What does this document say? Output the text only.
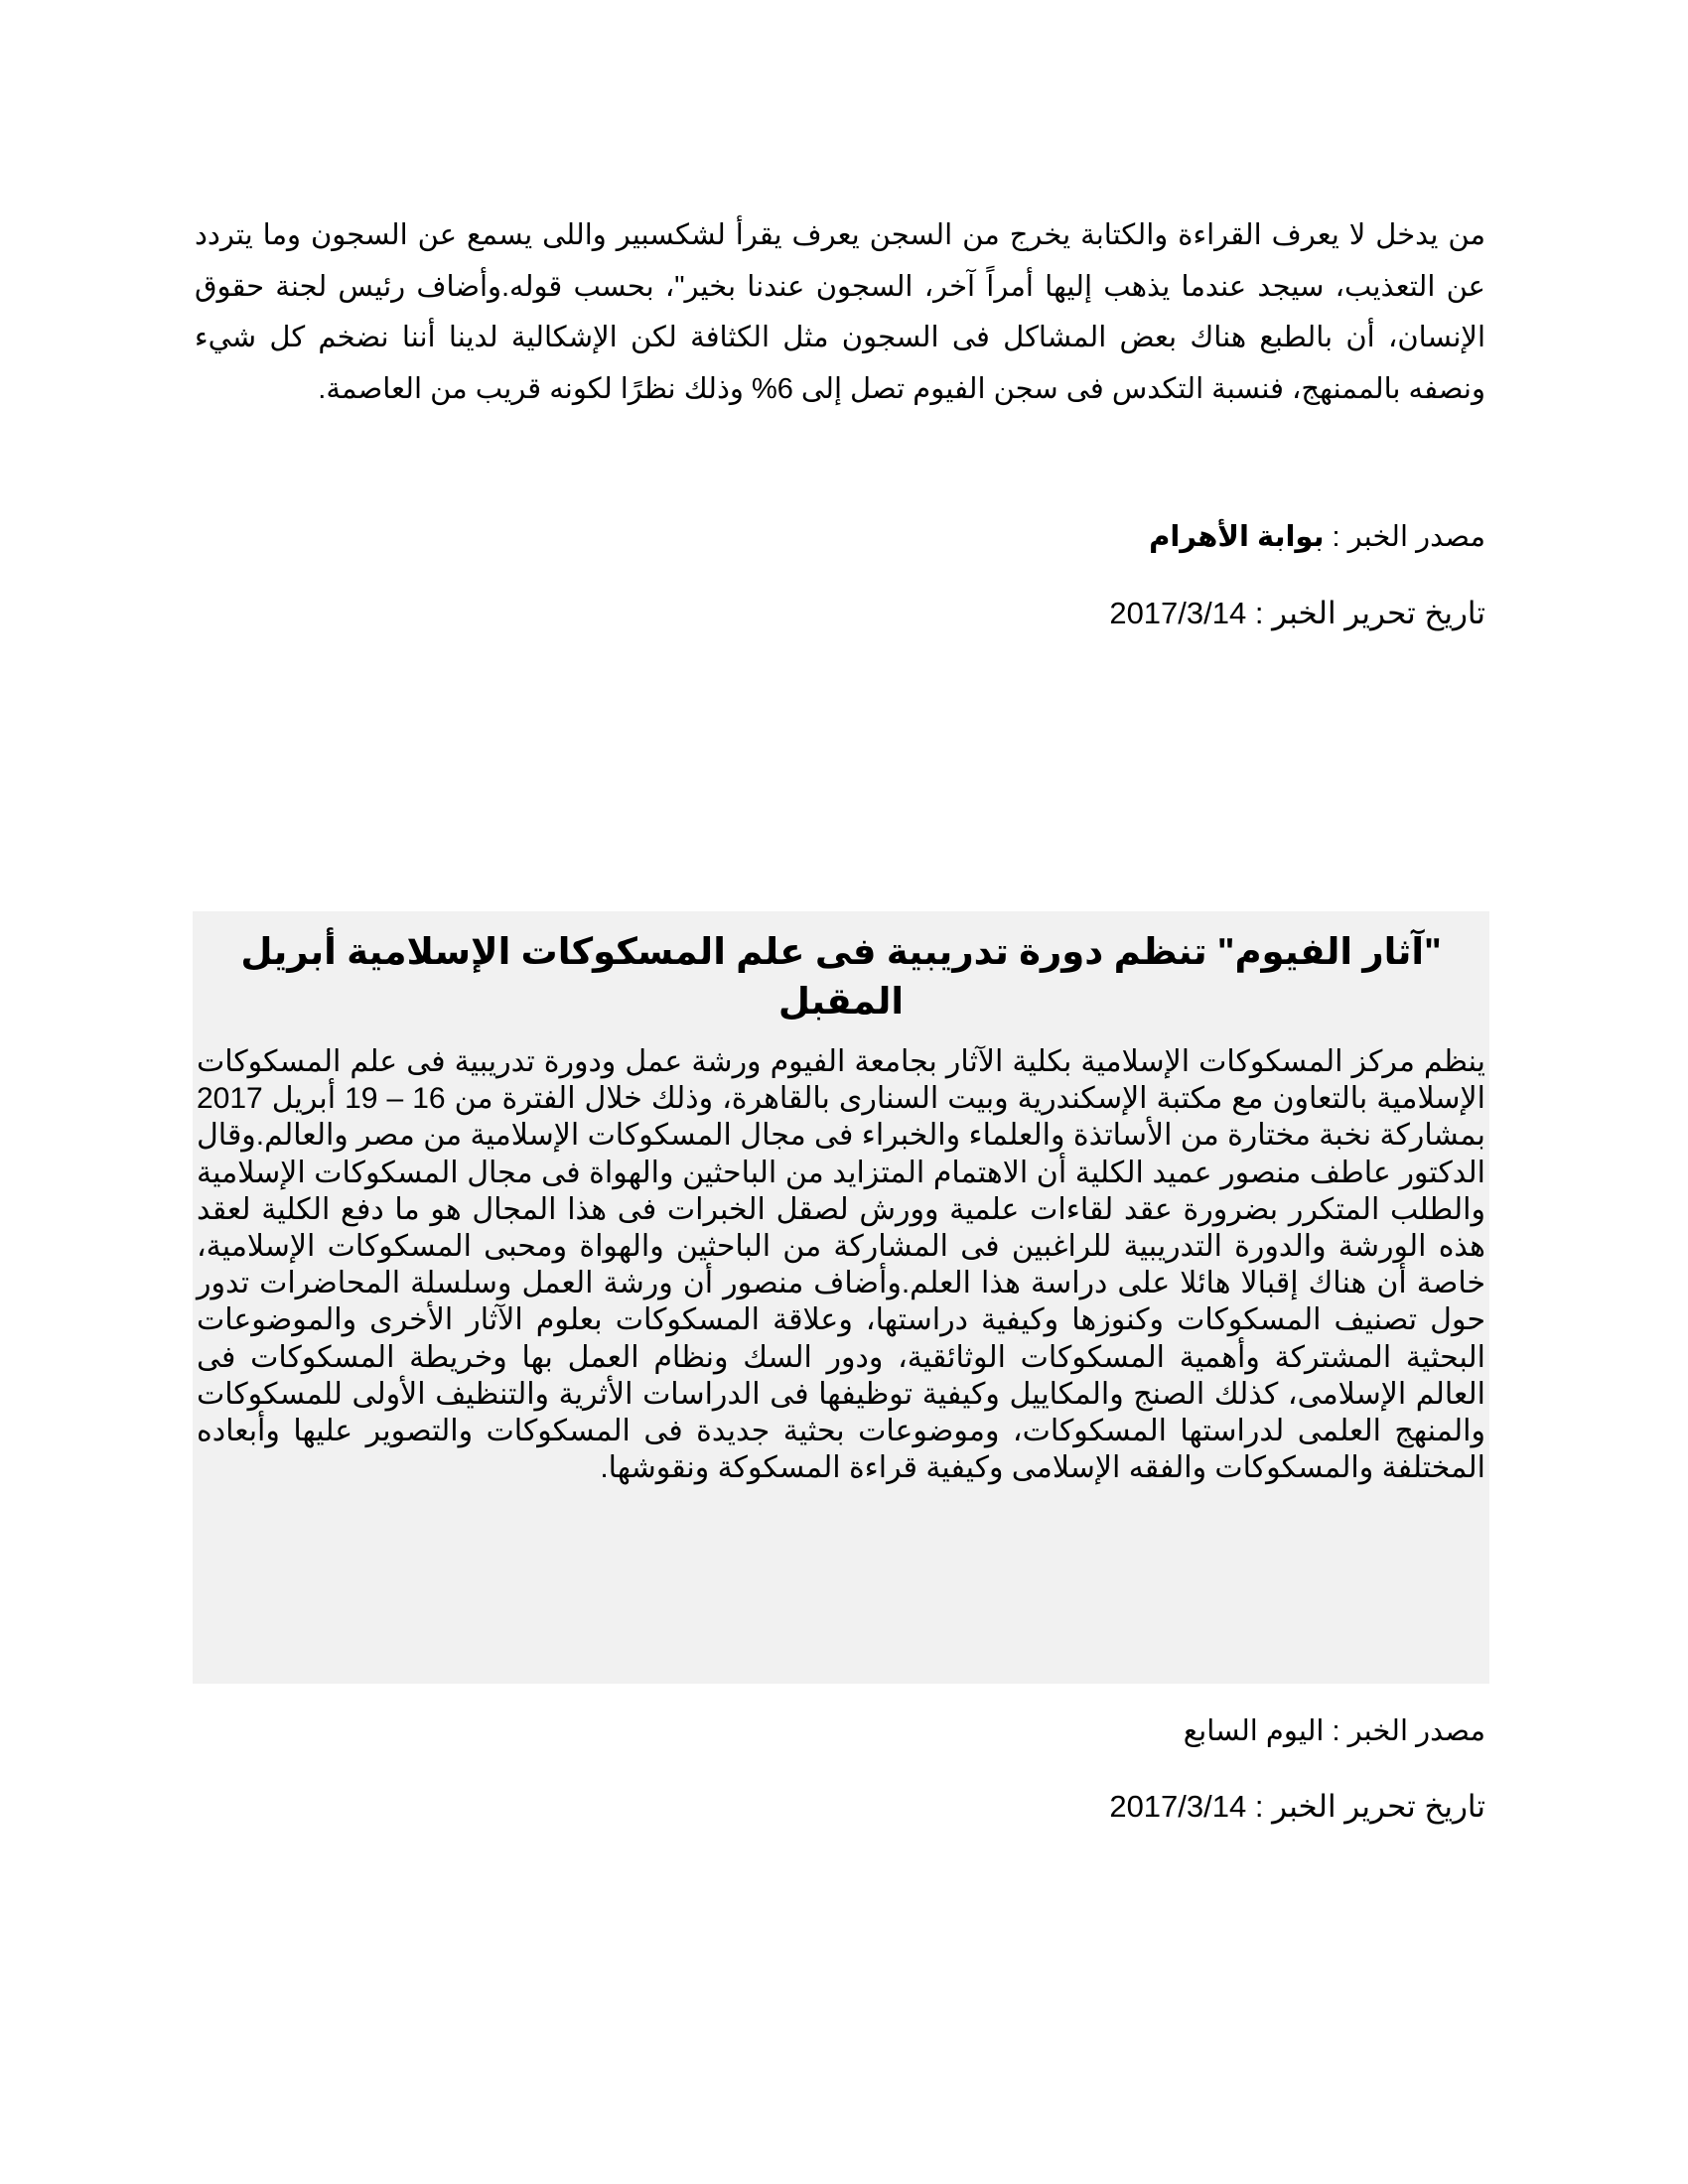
من يدخل لا يعرف القراءة والكتابة يخرج من السجن يعرف يقرأ لشكسبير واللى يسمع عن السجون وما يتردد عن التعذيب، سيجد عندما يذهب إليها أمراً آخر، السجون عندنا بخير"، بحسب قوله.وأضاف رئيس لجنة حقوق الإنسان، أن بالطبع هناك بعض المشاكل فى السجون مثل الكثافة لكن الإشكالية لدينا أننا نضخم كل شيء ونصفه بالممنهج، فنسبة التكدس فى سجن الفيوم تصل إلى 6% وذلك نظرًا لكونه قريب من العاصمة.

مصدر الخبر : بوابة الأهرام

تاريخ تحرير الخبر : 2017/3/14

"آثار الفيوم" تنظم دورة تدريبية فى علم المسكوكات الإسلامية أبريل المقبل

ينظم مركز المسكوكات الإسلامية بكلية الآثار بجامعة الفيوم ورشة عمل ودورة تدريبية فى علم المسكوكات الإسلامية بالتعاون مع مكتبة الإسكندرية وبيت السنارى بالقاهرة، وذلك خلال الفترة من 16 – 19 أبريل 2017 بمشاركة نخبة مختارة من الأساتذة والعلماء والخبراء فى مجال المسكوكات الإسلامية من مصر والعالم.وقال الدكتور عاطف منصور عميد الكلية أن الاهتمام المتزايد من الباحثين والهواة فى مجال المسكوكات الإسلامية والطلب المتكرر بضرورة عقد لقاءات علمية وورش لصقل الخبرات فى هذا المجال هو ما دفع الكلية لعقد هذه الورشة والدورة التدريبية للراغبين فى المشاركة من الباحثين والهواة ومحبى المسكوكات الإسلامية، خاصة أن هناك إقبالا هائلا على دراسة هذا العلم.وأضاف منصور أن ورشة العمل وسلسلة المحاضرات تدور حول تصنيف المسكوكات وكنوزها وكيفية دراستها، وعلاقة المسكوكات بعلوم الآثار الأخرى والموضوعات البحثية المشتركة وأهمية المسكوكات الوثائقية، ودور السك ونظام العمل بها وخريطة المسكوكات فى العالم الإسلامى، كذلك الصنج والمكاييل وكيفية توظيفها فى الدراسات الأثرية والتنظيف الأولى للمسكوكات والمنهج العلمى لدراستها المسكوكات، وموضوعات بحثية جديدة فى المسكوكات والتصوير عليها وأبعاده المختلفة والمسكوكات والفقه الإسلامى وكيفية قراءة المسكوكة ونقوشها.

مصدر الخبر : اليوم السابع

تاريخ تحرير الخبر : 2017/3/14
